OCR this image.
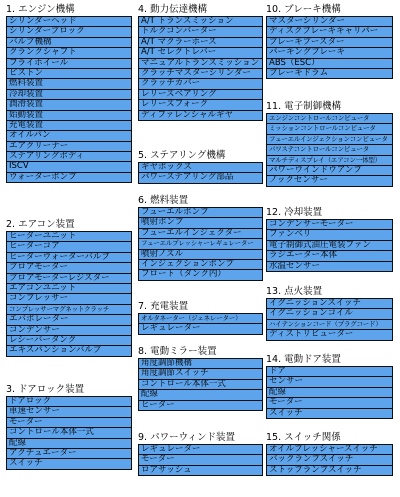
1. エンジン機構
シリンダーヘッド
シリンダーブロック
バルブ機構
クランクシャフト
フライホイール
ピストン
燃料装置
冷却装置
潤滑装置
始動装置
充電装置
オイルパン
エアクリーナー
ステアリングボディ
ISCV
ウォーターポンプ
2. エアコン装置
ヒーターユニット
ヒーターコア
ヒーターウォーターバルブ
ブロアモーター
ブロアモーターレジスター
エアコンユニット
コンプレッサー
コンプレッサーマグネットクラッチ
エバポレーター
コンデンサー
レシーバータンク
エキスパンションバルブ
3. ドアロック装置
ドアロック
車速センサー
モーター
コントロール本体一式
配線
アクチュエーター
スイッチ
4. 動力伝達機構
A/T トランスミッション
トルクコンバーター
A/T マクラーホース
A/T セレクトレバー
マニュアルトランスミッション
クラッチマスターシリンダー
クラッチカバー
レリーズベアリング
レリーズフォーク
ディファレンシャルギヤ
5. ステアリング機構
ギヤボックス
パワーステアリング部品
6. 燃料装置
フューエルポンプ
噴射ポンプ
フューエルインジェクター
フューエルプレッシャーレギュレーター
噴射ノズル
インジェクションポンプ
フロート（タンク内）
7. 充電装置
オルタネーター（ジェネレーター）
レギュレーター
8. 電動ミラー装置
角度調節機構
角度調節スイッチ
コントロール本体一式
配線
ヒーター
9. パワーウィンド装置
レギュレーター
モーター
ロアサッシュ
10. ブレーキ機構
マスターシリンダー
ディスクブレーキキャリパー
ブレーキブースター
パーキングブレーキ
ABS（ESC）
ブレーキドラム
11. 電子制御機構
エンジンコントロールコンピュータ
ミッションコントロールコンピュータ
フューエルインジェクションコンピュータ
パワステコントロールコンピュータ
マルチディスプレイ（エアコン一体型）
パワーウインドウアンプ
ノックセンサー
12. 冷却装置
コンデンサーモーター
ファンベリ
電子制御式油圧電装ファン
ラジエーター本体
水温センサー
13. 点火装置
イグニッションスイッチ
イグニッションコイル
ハイテンションコード（プラグコード）
ディストリビューター
14. 電動ドア装置
ドア
センサー
配線
モーター
スイッチ
15. スイッチ関係
オイルプレッシャースイッチ
バックランプスイッチ
ストップランプスイッチ
